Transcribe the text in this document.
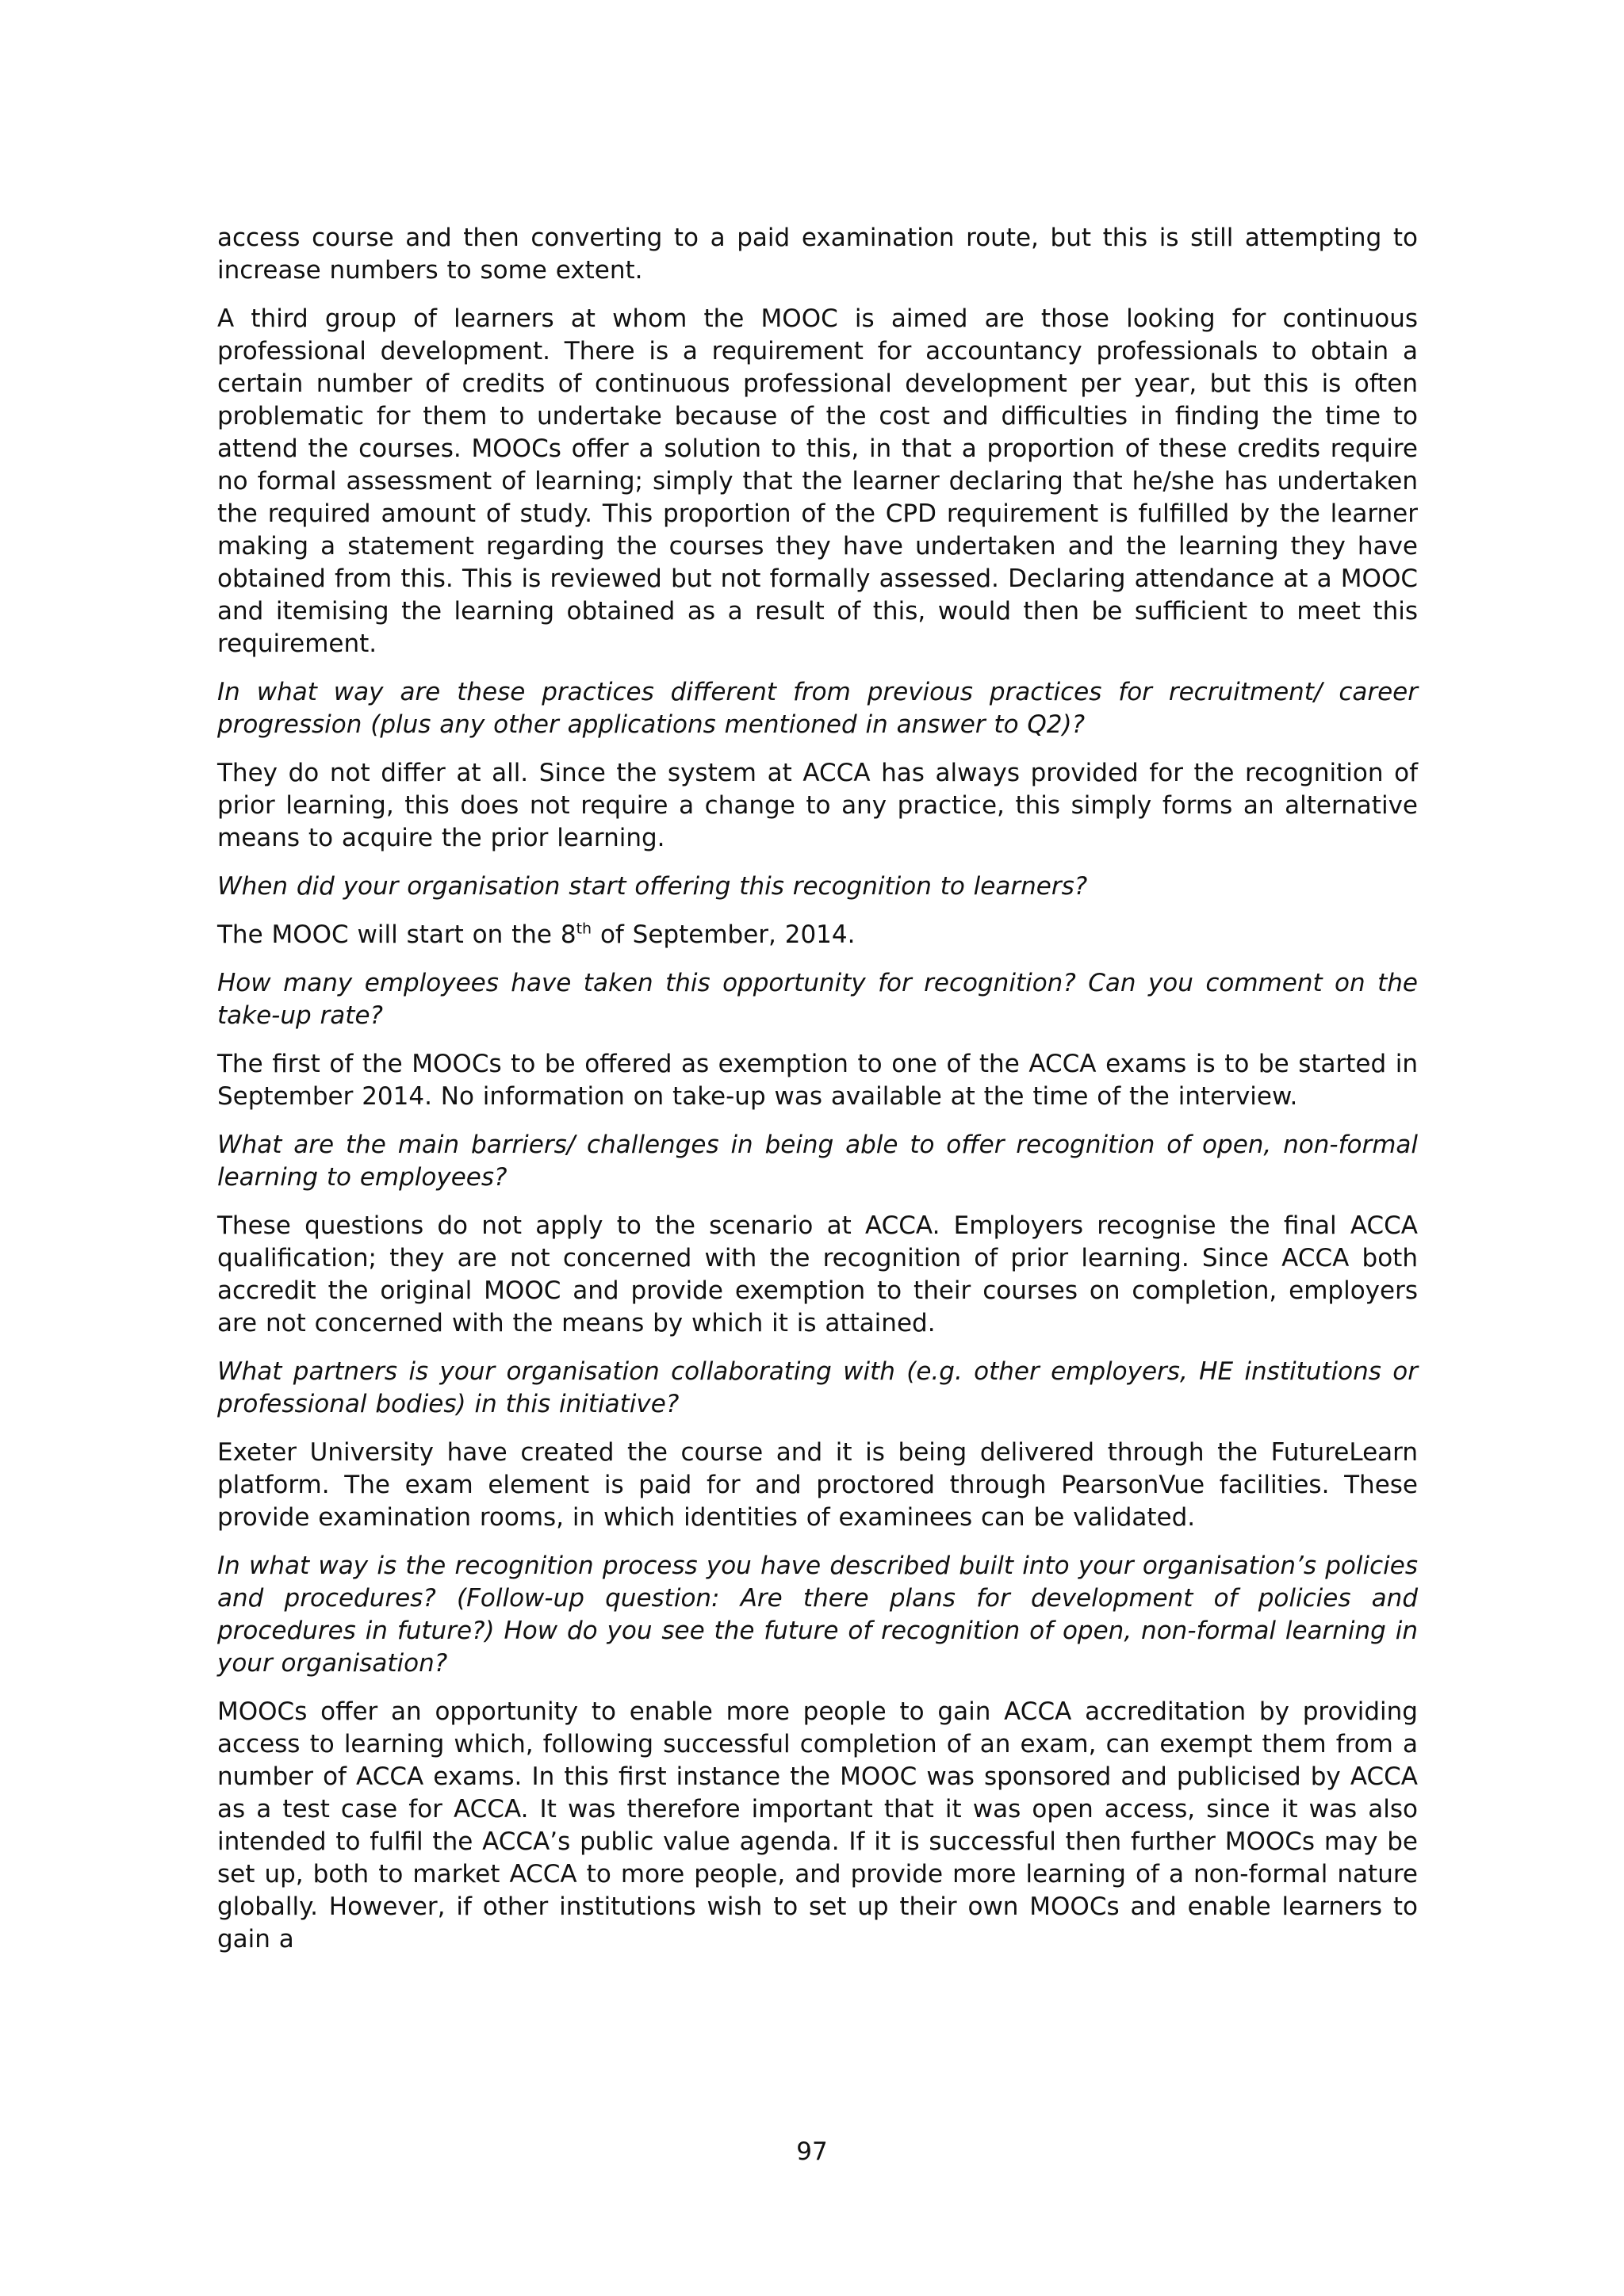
access course and then converting to a paid examination route, but this is still attempting to increase numbers to some extent.

A third group of learners at whom the MOOC is aimed are those looking for continuous professional development. There is a requirement for accountancy professionals to obtain a certain number of credits of continuous professional development per year, but this is often problematic for them to undertake because of the cost and difficulties in finding the time to attend the courses. MOOCs offer a solution to this, in that a proportion of these credits require no formal assessment of learning; simply that the learner declaring that he/she has undertaken the required amount of study. This proportion of the CPD requirement is fulfilled by the learner making a statement regarding the courses they have undertaken and the learning they have obtained from this. This is reviewed but not formally assessed. Declaring attendance at a MOOC and itemising the learning obtained as a result of this, would then be sufficient to meet this requirement.

In what way are these practices different from previous practices for recruitment/ career progression (plus any other applications mentioned in answer to Q2)?

They do not differ at all. Since the system at ACCA has always provided for the recognition of prior learning, this does not require a change to any practice, this simply forms an alternative means to acquire the prior learning.

When did your organisation start offering this recognition to learners?

The MOOC will start on the 8th of September, 2014.

How many employees have taken this opportunity for recognition? Can you comment on the take-up rate?

The first of the MOOCs to be offered as exemption to one of the ACCA exams is to be started in September 2014. No information on take-up was available at the time of the interview.

What are the main barriers/ challenges in being able to offer recognition of open, non-formal learning to employees?

These questions do not apply to the scenario at ACCA. Employers recognise the final ACCA qualification; they are not concerned with the recognition of prior learning. Since ACCA both accredit the original MOOC and provide exemption to their courses on completion, employers are not concerned with the means by which it is attained.

What partners is your organisation collaborating with (e.g. other employers, HE institutions or professional bodies) in this initiative?

Exeter University have created the course and it is being delivered through the FutureLearn platform. The exam element is paid for and proctored through PearsonVue facilities. These provide examination rooms, in which identities of examinees can be validated.

In what way is the recognition process you have described built into your organisation’s policies and procedures? (Follow-up question: Are there plans for development of policies and procedures in future?) How do you see the future of recognition of open, non-formal learning in your organisation?

MOOCs offer an opportunity to enable more people to gain ACCA accreditation by providing access to learning which, following successful completion of an exam, can exempt them from a number of ACCA exams. In this first instance the MOOC was sponsored and publicised by ACCA as a test case for ACCA. It was therefore important that it was open access, since it was also intended to fulfil the ACCA’s public value agenda. If it is successful then further MOOCs may be set up, both to market ACCA to more people, and provide more learning of a non-formal nature globally. However, if other institutions wish to set up their own MOOCs and enable learners to gain a

97
